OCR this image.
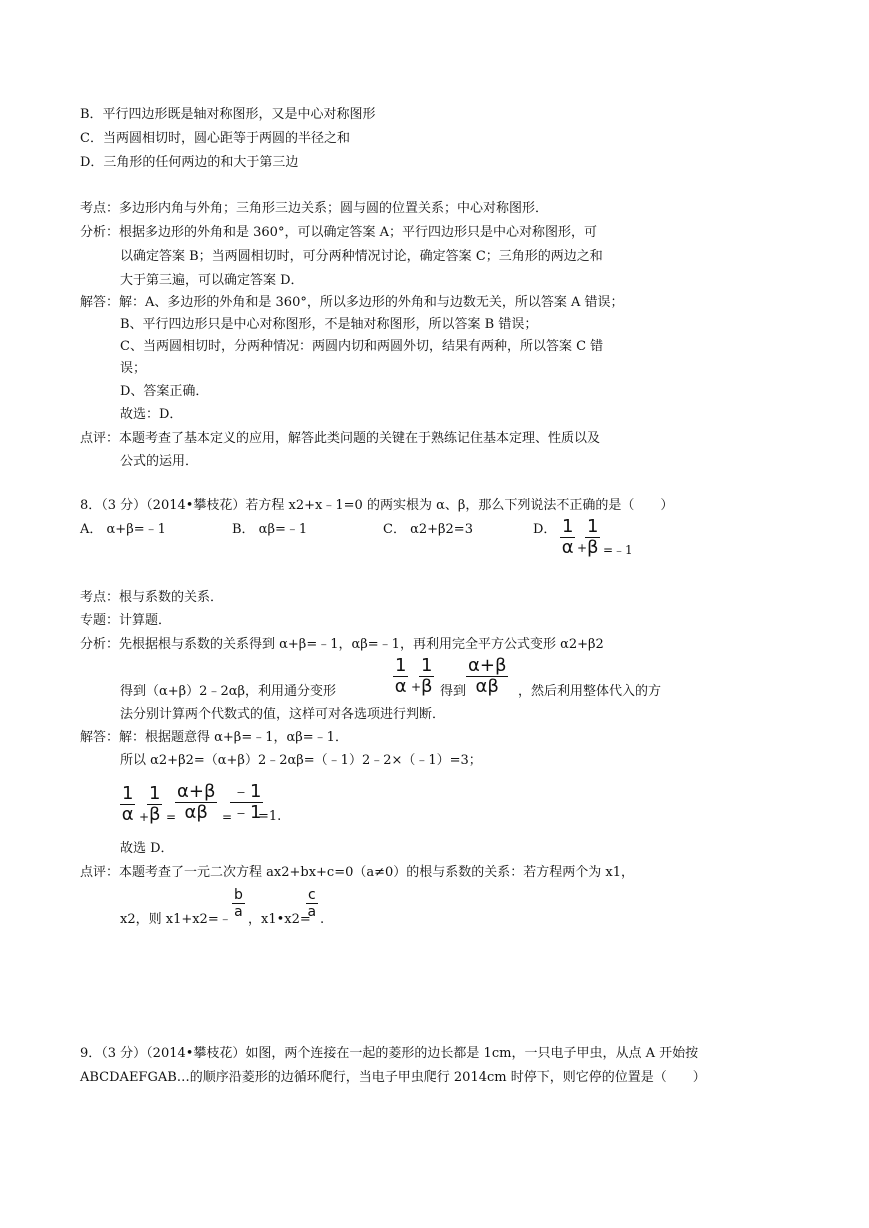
B．平行四边形既是轴对称图形，又是中心对称图形
C．当两圆相切时，圆心距等于两圆的半径之和
D．三角形的任何两边的和大于第三边
考点：多边形内角与外角；三角形三边关系；圆与圆的位置关系；中心对称图形．
分析：根据多边形的外角和是 360°，可以确定答案 A；平行四边形只是中心对称图形，可
以确定答案 B；当两圆相切时，可分两种情况讨论，确定答案 C；三角形的两边之和
大于第三遍，可以确定答案 D．
解答：解：A、多边形的外角和是 360°，所以多边形的外角和与边数无关，所以答案 A 错误；
B、平行四边形只是中心对称图形，不是轴对称图形，所以答案 B 错误；
C、当两圆相切时，分两种情况：两圆内切和两圆外切，结果有两种，所以答案 C 错
误；
D、答案正确．
故选：D．
点评：本题考查了基本定义的应用，解答此类问题的关键在于熟练记住基本定理、性质以及
公式的运用．
8．（3 分）（2014•攀枝花）若方程 x2+x﹣1=0 的两实根为 α、β，那么下列说法不正确的是（　　）
A． α+β=﹣1	B． αβ=﹣1	C． α2+β2=3	D． $\frac{1}{\alpha}$ +
$\frac{1}{\beta}$ =﹣1
考点：根与系数的关系．
专题：计算题．
分析：先根据根与系数的关系得到 α+β=﹣1，αβ=﹣1，再利用完全平方公式变形 α2+β2
得到（α+β）2﹣2αβ，利用通分变形	$\frac{1}{\alpha}$ +
$\frac{1}{\beta}$ 得到 $\frac{\alpha+\beta}{\alpha\beta}$ ，然后利用整体代入的方
法分别计算两个代数式的值，这样可对各选项进行判断．
解答：解：根据题意得 α+β=﹣1，αβ=﹣1．
所以 α2+β2=（α+β）2﹣2αβ=（﹣1）2﹣2×（﹣1）=3；
$\frac{1}{\alpha}$ +
$\frac{1}{\beta}$ =
$\frac{\alpha+\beta}{\alpha\beta}$ =
$\frac{﹣1}{﹣1}$
=1.
故选 D．
点评：本题考查了一元二次方程 ax2+bx+c=0（a≠0）的根与系数的关系：若方程两个为 x1，
x2，则 x1+x2=﹣
$\frac{b}{a}$
，x1•x2=
$\frac{c}{a}$
.
9．（3 分）（2014•攀枝花）如图，两个连接在一起的菱形的边长都是 1cm，一只电子甲虫，从点 A 开始按
ABCDAEFGAB…的顺序沿菱形的边循环爬行，当电子甲虫爬行 2014cm 时停下，则它停的位置是（　　）
